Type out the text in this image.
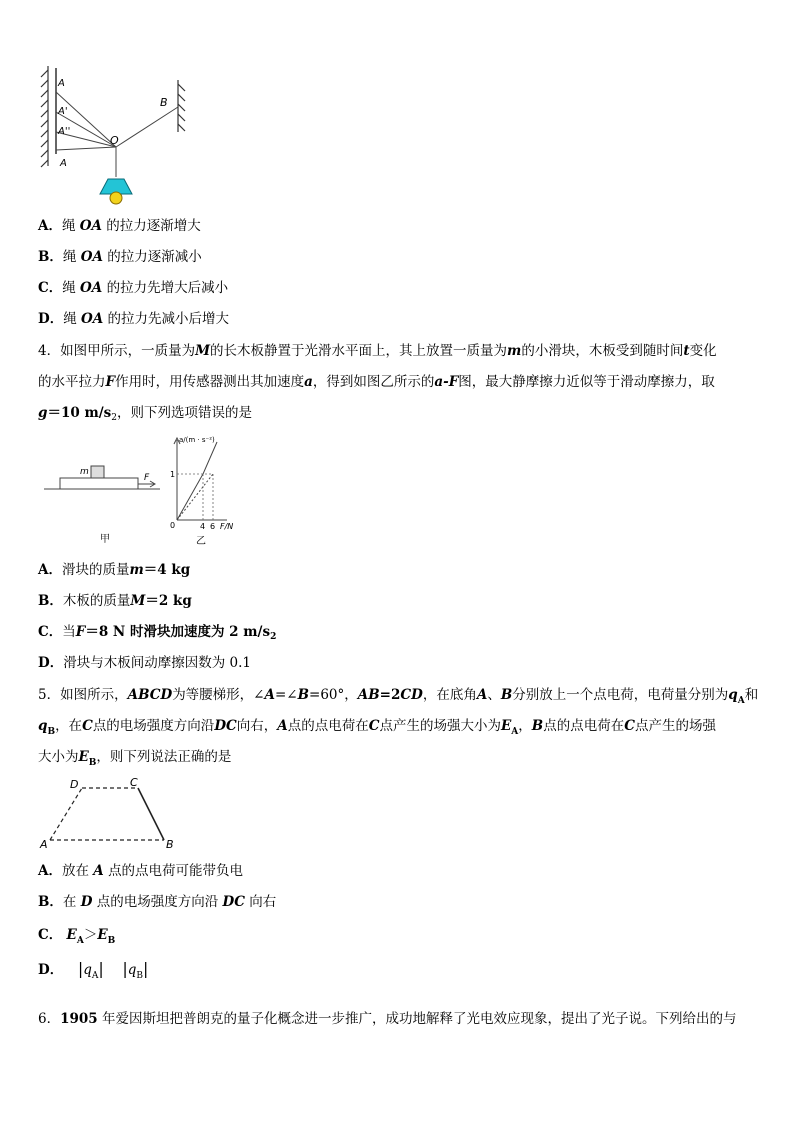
A
A'
A''
A
O
B
A．绳 OA 的拉力逐渐增大
B．绳 OA 的拉力逐渐减小
C．绳 OA 的拉力先增大后减小
D．绳 OA 的拉力先减小后增大
4．如图甲所示，一质量为M的长木板静置于光滑水平面上，其上放置一质量为m的小滑块，木板受到随时间t变化
的水平拉力F作用时，用传感器测出其加速度a，得到如图乙所示的a-F图，最大静摩擦力近似等于滑动摩擦力，取
g＝10 $m/s_2$，则下列选项错误的是
m
F
甲
a/(m · s⁻²)
1
0	4 6 F/N
乙
A．滑块的质量m＝4 kg
B．木板的质量M＝2 kg
C．当F＝8 N 时滑块加速度为 2 $m/s_2$
D．滑块与木板间动摩擦因数为 0.1
5．如图所示，ABCD为等腰梯形，∠A=∠B=60°，AB=2CD，在底角A、B分别放上一个点电荷，电荷量分别为$q_A$和
$q_B$，在C点的电场强度方向沿DC向右，A点的点电荷在C点产生的场强大小为$E_A$，B点的点电荷在C点产生的场强
大小为$E_B$，则下列说法正确的是
D	C
A	B
A．放在 A 点的点电荷可能带负电
B．在 D 点的电场强度方向沿 DC 向右
C． $E_A>E_B$
D． $|q_A|$ $|q_B|$
6．1905 年爱因斯坦把普朗克的量子化概念进一步推广，成功地解释了光电效应现象，提出了光子说。下列给出的与
